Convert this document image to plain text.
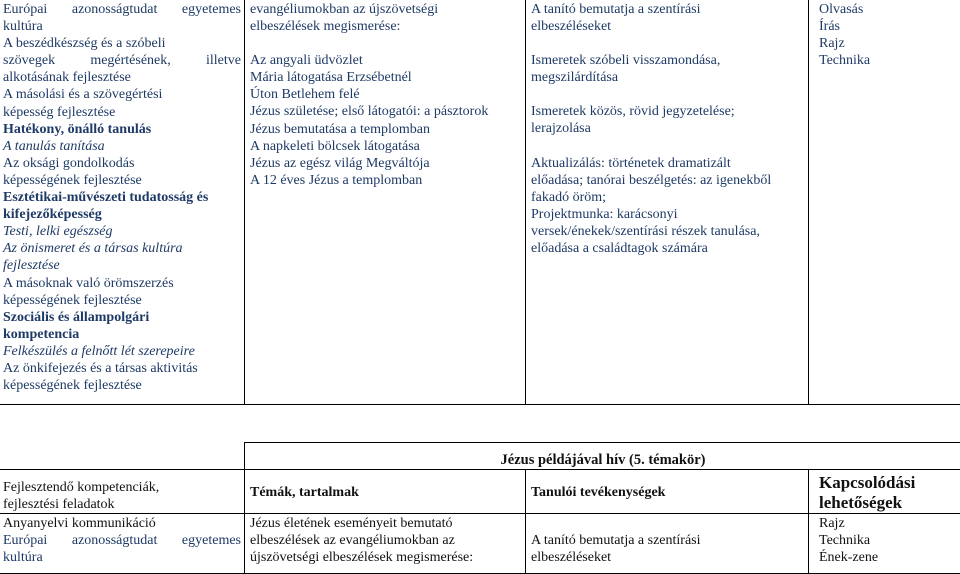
Európai azonosságtudat egyetemes
kultúra
A beszédkészség és a szóbeli
szövegek megértésének, illetve
alkotásának fejlesztése
A másolási és a szövegértési
képesség fejlesztése
Hatékony, önálló tanulás
A tanulás tanítása
Az oksági gondolkodás
képességének fejlesztése
Esztétikai-művészeti tudatosság és
kifejezőképesség
Testi, lelki egészség
Az önismeret és a társas kultúra
fejlesztése
A másoknak való örömszerzés
képességének fejlesztése
Szociális és állampolgári
kompetencia
Felkészülés a felnőtt lét szerepeire
Az önkifejezés és a társas aktivitás
képességének fejlesztése

evangéliumokban az újszövetségi
elbeszélések megismerése:
Az angyali üdvözlet
Mária látogatása Erzsébetnél
Úton Betlehem felé
Jézus születése; első látogatói: a pásztorok
Jézus bemutatása a templomban
A napkeleti bölcsek látogatása
Jézus az egész világ Megváltója
A 12 éves Jézus a templomban

A tanító bemutatja a szentírási
elbeszéléseket
Ismeretek szóbeli visszamondása,
megszilárdítása
Ismeretek közös, rövid jegyzetelése;
lerajzolása
Aktualizálás: történetek dramatizált
előadása; tanórai beszélgetés: az igenekből
fakadó öröm;
Projektmunka: karácsonyi
versek/énekek/szentírási részek tanulása,
előadása a családtagok számára

Olvasás
Írás
Rajz
Technika
	Jézus példájával hív (5. témakör)		

Fejlesztendő kompetenciák,
fejlesztési feladatok	Témák, tartalmak	Tanulói tevékenységek	Kapcsolódási
lehetőségek

Anyanyelvi kommunikáció
Európai azonosságtudat egyetemes
kultúra	Jézus életének eseményeit bemutató
elbeszélések az evangéliumokban az
újszövetségi elbeszélések megismerése:	A tanító bemutatja a szentírási
elbeszéléseket	Rajz
Technika
Ének-zene
